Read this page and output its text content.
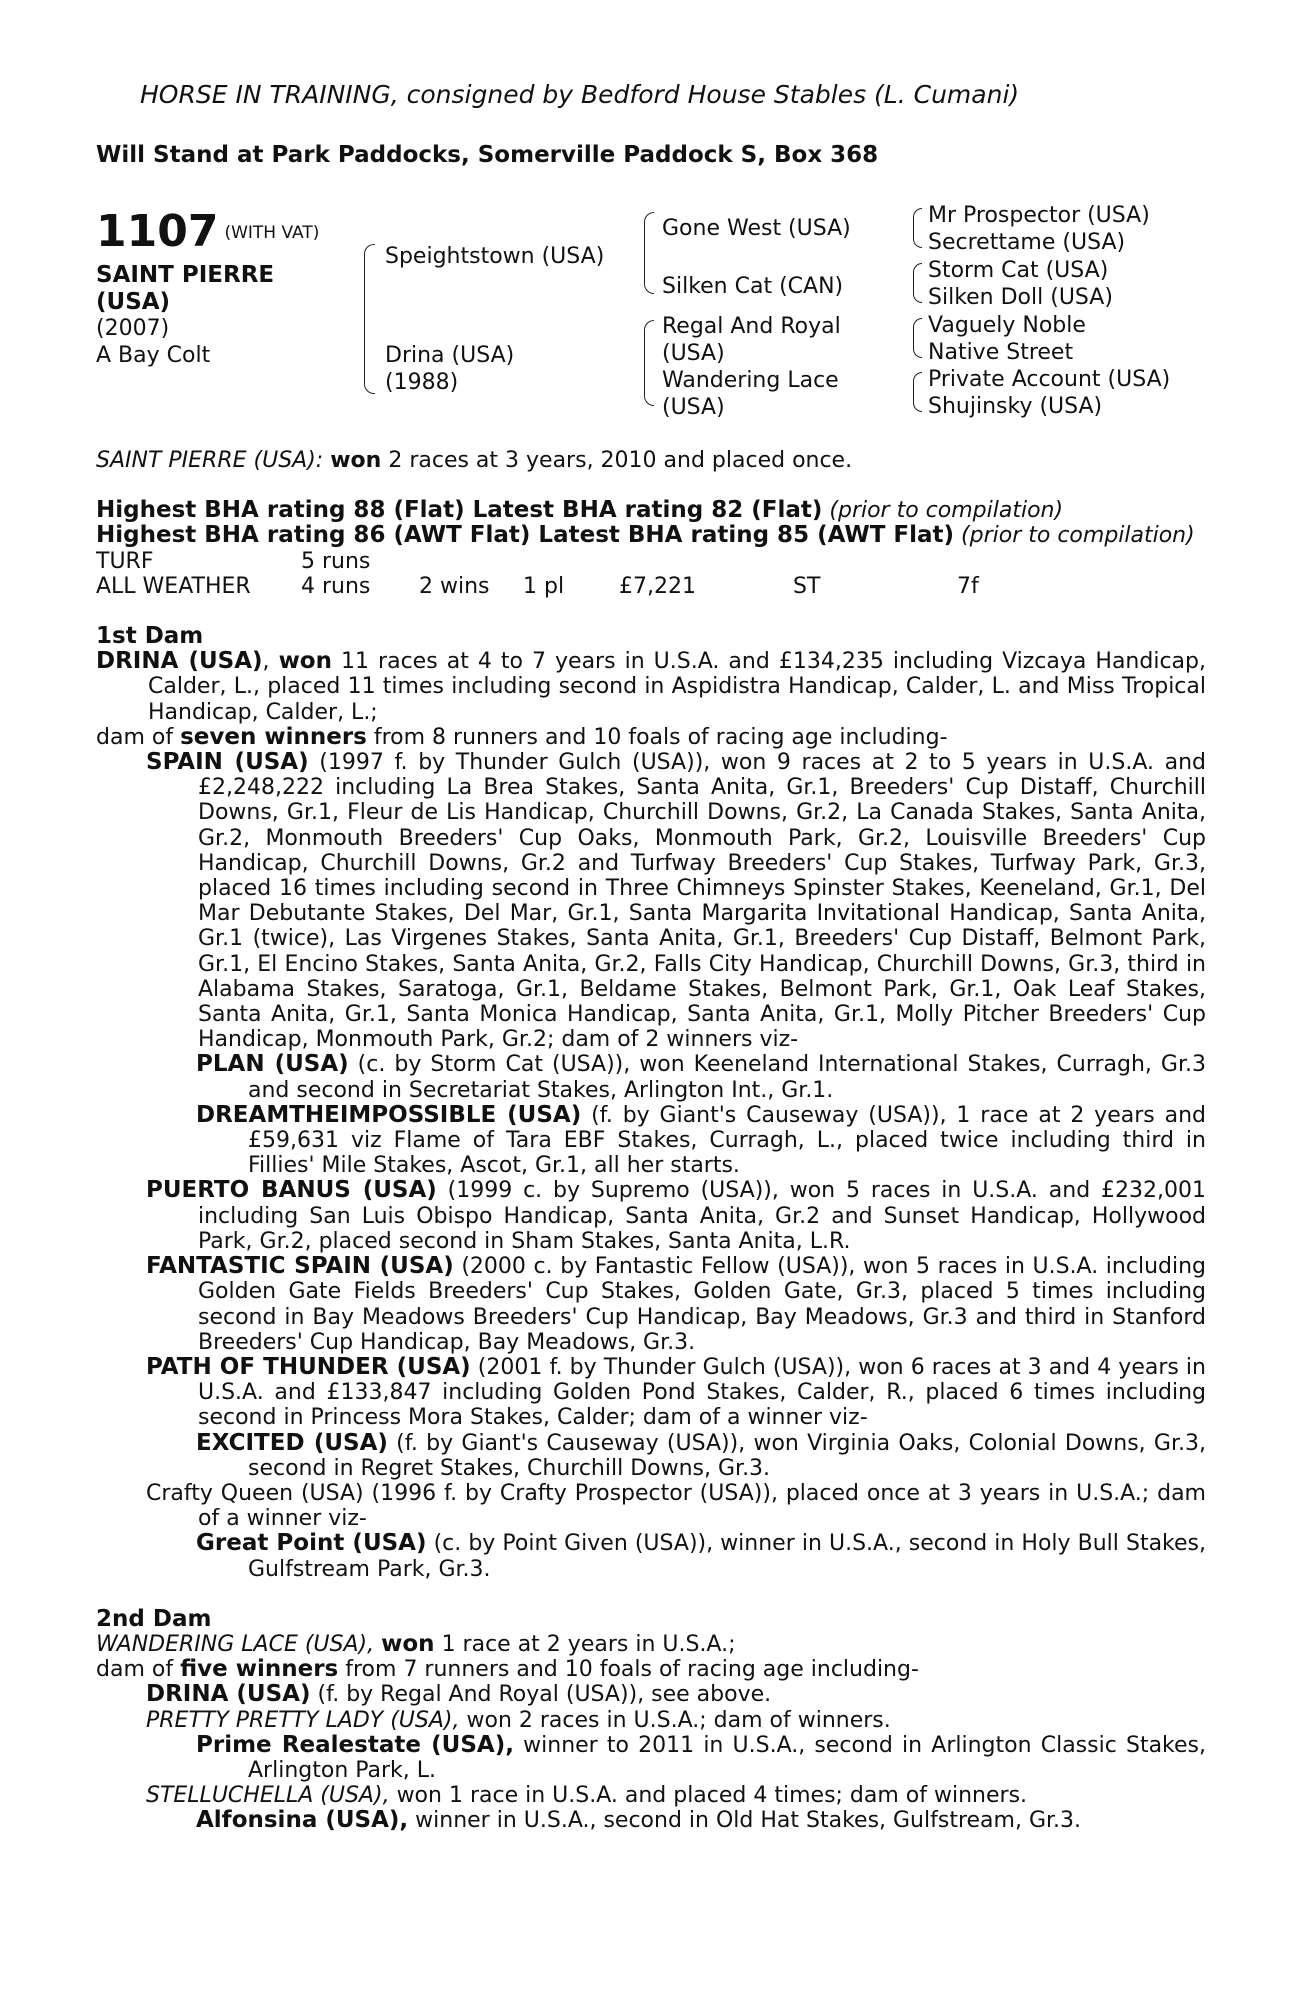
HORSE IN TRAINING, consigned by Bedford House Stables (L. Cumani)
Will Stand at Park Paddocks, Somerville Paddock S, Box 368
1107 (WITH VAT)
SAINT PIERRE
(USA)
(2007)
A Bay Colt
Speightstown (USA)
Drina (USA)
(1988)
Gone West (USA)
Silken Cat (CAN)
Regal And Royal
(USA)
Wandering Lace
(USA)
Mr Prospector (USA)
Secrettame (USA)
Storm Cat (USA)
Silken Doll (USA)
Vaguely Noble
Native Street
Private Account (USA)
Shujinsky (USA)

SAINT PIERRE (USA): won 2 races at 3 years, 2010 and placed once.

Highest BHA rating 88 (Flat) Latest BHA rating 82 (Flat) (prior to compilation)

Highest BHA rating 86 (AWT Flat) Latest BHA rating 85 (AWT Flat) (prior to compilation)

TURF	5 runs
ALL WEATHER	4 runs	2 wins	1 pl	£7,221	ST	7f

1st Dam

DRINA (USA), won 11 races at 4 to 7 years in U.S.A. and £134,235 including Vizcaya Handicap, Calder, L., placed 11 times including second in Aspidistra Handicap, Calder, L. and Miss Tropical Handicap, Calder, L.;

dam of seven winners from 8 runners and 10 foals of racing age including-

SPAIN (USA) (1997 f. by Thunder Gulch (USA)), won 9 races at 2 to 5 years in U.S.A. and £2,248,222 including La Brea Stakes, Santa Anita, Gr.1, Breeders' Cup Distaff, Churchill Downs, Gr.1, Fleur de Lis Handicap, Churchill Downs, Gr.2, La Canada Stakes, Santa Anita, Gr.2, Monmouth Breeders' Cup Oaks, Monmouth Park, Gr.2, Louisville Breeders' Cup Handicap, Churchill Downs, Gr.2 and Turfway Breeders' Cup Stakes, Turfway Park, Gr.3, placed 16 times including second in Three Chimneys Spinster Stakes, Keeneland, Gr.1, Del Mar Debutante Stakes, Del Mar, Gr.1, Santa Margarita Invitational Handicap, Santa Anita, Gr.1 (twice), Las Virgenes Stakes, Santa Anita, Gr.1, Breeders' Cup Distaff, Belmont Park, Gr.1, El Encino Stakes, Santa Anita, Gr.2, Falls City Handicap, Churchill Downs, Gr.3, third in Alabama Stakes, Saratoga, Gr.1, Beldame Stakes, Belmont Park, Gr.1, Oak Leaf Stakes, Santa Anita, Gr.1, Santa Monica Handicap, Santa Anita, Gr.1, Molly Pitcher Breeders' Cup Handicap, Monmouth Park, Gr.2; dam of 2 winners viz-

PLAN (USA) (c. by Storm Cat (USA)), won Keeneland International Stakes, Curragh, Gr.3 and second in Secretariat Stakes, Arlington Int., Gr.1.

DREAMTHEIMPOSSIBLE (USA) (f. by Giant's Causeway (USA)), 1 race at 2 years and £59,631 viz Flame of Tara EBF Stakes, Curragh, L., placed twice including third in Fillies' Mile Stakes, Ascot, Gr.1, all her starts.

PUERTO BANUS (USA) (1999 c. by Supremo (USA)), won 5 races in U.S.A. and £232,001 including San Luis Obispo Handicap, Santa Anita, Gr.2 and Sunset Handicap, Hollywood Park, Gr.2, placed second in Sham Stakes, Santa Anita, L.R.

FANTASTIC SPAIN (USA) (2000 c. by Fantastic Fellow (USA)), won 5 races in U.S.A. including Golden Gate Fields Breeders' Cup Stakes, Golden Gate, Gr.3, placed 5 times including second in Bay Meadows Breeders' Cup Handicap, Bay Meadows, Gr.3 and third in Stanford Breeders' Cup Handicap, Bay Meadows, Gr.3.

PATH OF THUNDER (USA) (2001 f. by Thunder Gulch (USA)), won 6 races at 3 and 4 years in U.S.A. and £133,847 including Golden Pond Stakes, Calder, R., placed 6 times including second in Princess Mora Stakes, Calder; dam of a winner viz-

EXCITED (USA) (f. by Giant's Causeway (USA)), won Virginia Oaks, Colonial Downs, Gr.3, second in Regret Stakes, Churchill Downs, Gr.3.

Crafty Queen (USA) (1996 f. by Crafty Prospector (USA)), placed once at 3 years in U.S.A.; dam of a winner viz-

Great Point (USA) (c. by Point Given (USA)), winner in U.S.A., second in Holy Bull Stakes, Gulfstream Park, Gr.3.

2nd Dam

WANDERING LACE (USA), won 1 race at 2 years in U.S.A.;

dam of five winners from 7 runners and 10 foals of racing age including-

DRINA (USA) (f. by Regal And Royal (USA)), see above.

PRETTY PRETTY LADY (USA), won 2 races in U.S.A.; dam of winners.

Prime Realestate (USA), winner to 2011 in U.S.A., second in Arlington Classic Stakes, Arlington Park, L.

STELLUCHELLA (USA), won 1 race in U.S.A. and placed 4 times; dam of winners.

Alfonsina (USA), winner in U.S.A., second in Old Hat Stakes, Gulfstream, Gr.3.
